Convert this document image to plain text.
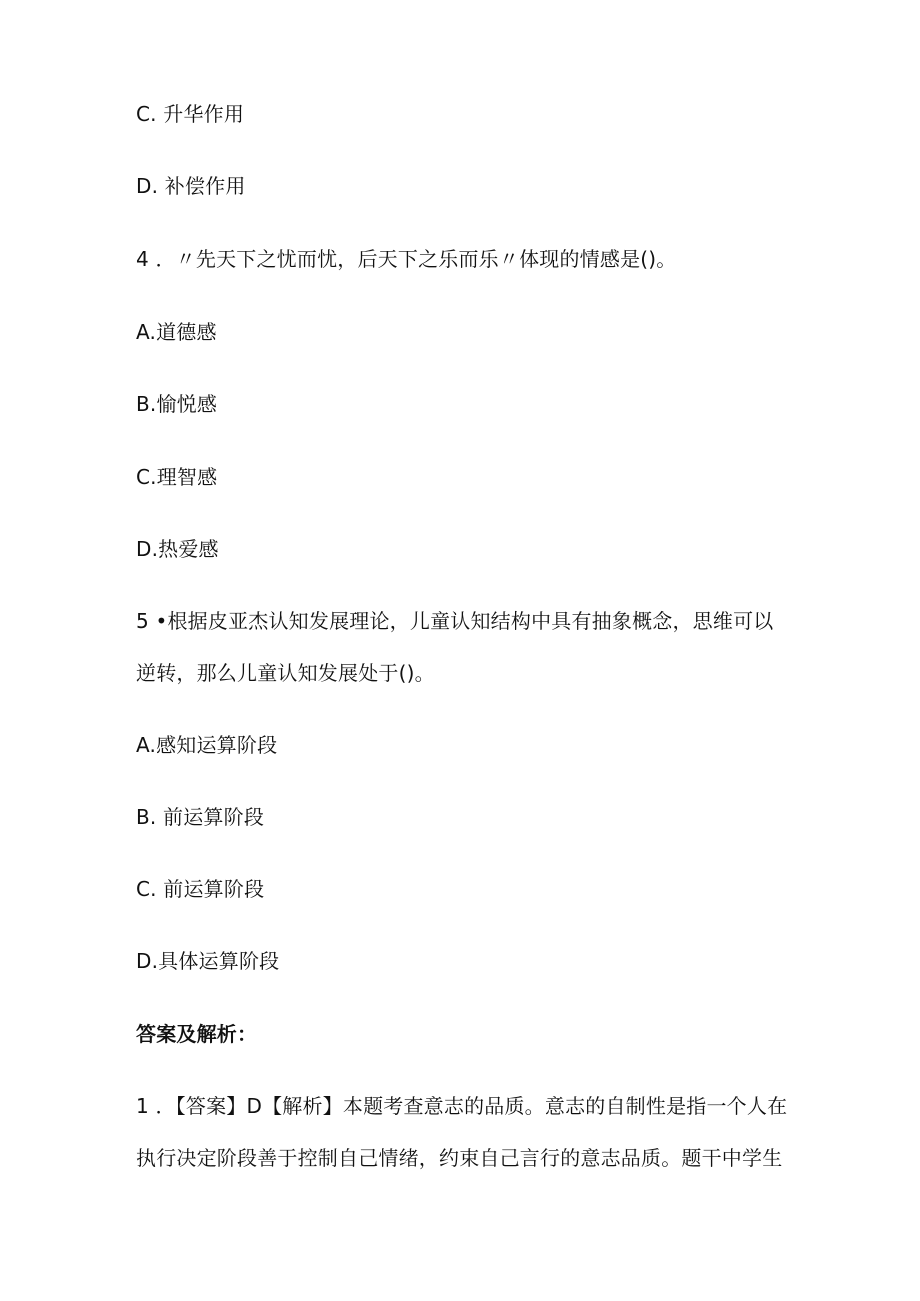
C. 升华作用
D. 补偿作用
4 ．〃先天下之忧而忧，后天下之乐而乐〃体现的情感是()。
A.道德感
B.愉悦感
C.理智感
D.热爱感
5 •根据皮亚杰认知发展理论，儿童认知结构中具有抽象概念，思维可以
逆转，那么儿童认知发展处于()。
A.感知运算阶段
B. 前运算阶段
C. 前运算阶段
D.具体运算阶段
答案及解析：
1 ．【答案】D【解析】本题考查意志的品质。意志的自制性是指一个人在
执行决定阶段善于控制自己情绪，约束自己言行的意志品质。题干中学生
